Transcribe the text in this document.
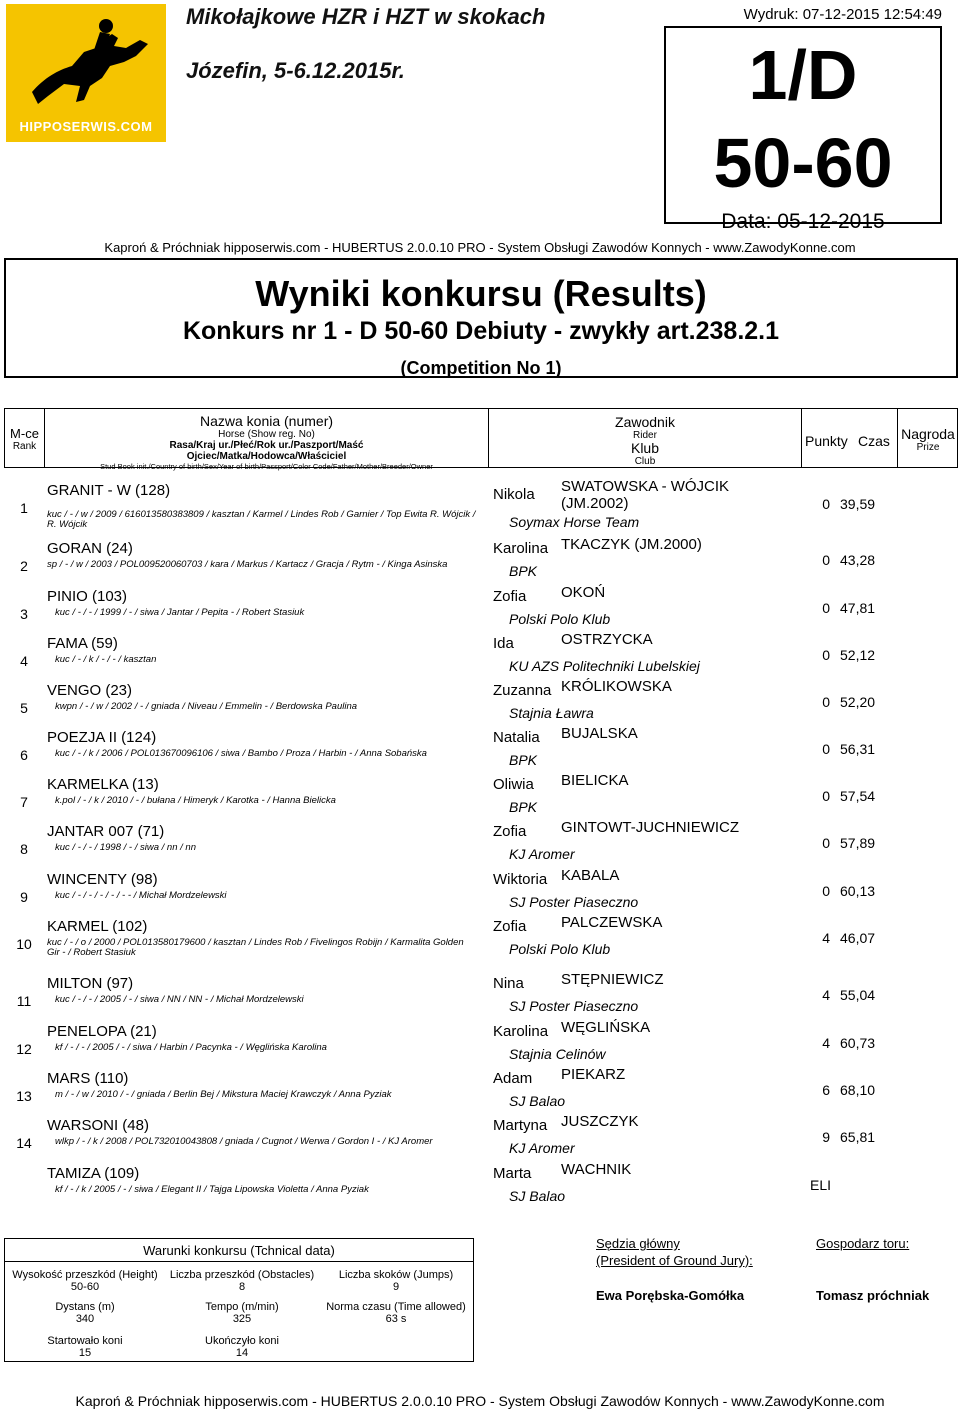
HIPPOSERWIS.COM
Mikołajkowe HZR i HZT w skokach
Józefin, 5-6.12.2015r.
Wydruk: 07-12-2015 12:54:49
1/D
50-60
Data: 05-12-2015
Kaproń & Próchniak hipposerwis.com - HUBERTUS 2.0.0.10 PRO - System Obsługi Zawodów Konnych - www.ZawodyKonne.com
Wyniki konkursu (Results)
Konkurs nr 1 - D 50-60 Debiuty - zwykły art.238.2.1
(Competition No 1)
M-ce
Rank
Nazwa konia (numer)
Horse (Show reg. No)
Rasa/Kraj ur./Płeć/Rok ur./Paszport/Maść
Ojciec/Matka/Hodowca/Właściciel
Stud Book init./Country of birth/Sex/Year of birth/Passport/Color Code/Father/Mother/Breeder/Owner
Zawodnik
Rider
Klub
Club
Punkty Czas Nagroda
Prize
1
GRANIT - W (128)
kuc / - / w / 2009 / 616013580383809 / kasztan / Karmel / Lindes Rob / Garnier / Top Ewita R. Wójcik / R. Wójcik
Nikola SWATOWSKA - WÓJCIK (JM.2002)
Soymax Horse Team
0 39,59
2
GORAN (24)
sp / - / w / 2003 / POL009520060703 / kara / Markus / Kartacz / Gracja / Rytm - / Kinga Asinska
Karolina TKACZYK (JM.2000)
BPK
0 43,28
3
PINIO (103)
kuc / - / - / 1999 / - / siwa / Jantar / Pepita - / Robert Stasiuk
Zofia OKOŃ
Polski Polo Klub
0 47,81
4
FAMA (59)
kuc / - / k / - / - / kasztan
Ida	OSTRZYCKA
KU AZS Politechniki Lubelskiej
0 52,12
5
VENGO (23)
kwpn / - / w / 2002 / - / gniada / Niveau / Emmelin - / Berdowska Paulina
Zuzanna KRÓLIKOWSKA
Stajnia Ławra
0 52,20
6
POEZJA II (124)
kuc / - / k / 2006 / POL013670096106 / siwa / Bambo / Proza / Harbin - / Anna Sobańska
Natalia BUJALSKA
BPK
0 56,31
7
KARMELKA (13)
k.pol / - / k / 2010 / - / bułana / Himeryk / Karotka - / Hanna Bielicka
Oliwia BIELICKA
BPK
0 57,54
8
JANTAR 007 (71)
kuc / - / - / 1998 / - / siwa / nn / nn
Zofia GINTOWT-JUCHNIEWICZ
KJ Aromer
0 57,89
9
WINCENTY (98)
kuc / - / - / - / - / - - / Michał Mordzelewski
Wiktoria KABALA
SJ Poster Piaseczno
0 60,13
10
KARMEL (102)
kuc / - / o / 2000 / POL013580179600 / kasztan / Lindes Rob / Fivelingos Robijn / Karmalita Golden Gir - / Robert Stasiuk
Zofia PALCZEWSKA
Polski Polo Klub
4 46,07
11
MILTON (97)
kuc / - / - / 2005 / - / siwa / NN / NN - / Michał Mordzelewski
Nina STĘPNIEWICZ
SJ Poster Piaseczno
4 55,04
12
PENELOPA (21)
kf / - / - / 2005 / - / siwa / Harbin / Pacynka - / Węglińska Karolina
Karolina WĘGLIŃSKA
Stajnia Celinów
4 60,73
13
MARS (110)
m / - / w / 2010 / - / gniada / Berlin Bej / Mikstura Maciej Krawczyk / Anna Pyziak
Adam PIEKARZ
SJ Balao
6 68,10
14
WARSONI (48)
wlkp / - / k / 2008 / POL732010043808 / gniada / Cugnot / Werwa / Gordon I - / KJ Aromer
Martyna JUSZCZYK
KJ Aromer
9 65,81
TAMIZA (109)
kf / - / k / 2005 / - / siwa / Elegant II / Tajga Lipowska Violetta / Anna Pyziak
Marta WACHNIK
SJ Balao
ELI
Warunki konkursu (Tchnical data)
Wysokość przeszkód (Height)
50-60
Liczba przeszkód (Obstacles)
8
Liczba skoków (Jumps)
9
Dystans (m)
340
Tempo (m/min)
325
Norma czasu (Time allowed)
63 s
Startowało koni
15
Ukończyło koni
14
Sędzia główny
(President of Ground Jury):
Ewa Porębska-Gomółka
Gospodarz toru:
Tomasz próchniak
Kaproń & Próchniak hipposerwis.com - HUBERTUS 2.0.0.10 PRO - System Obsługi Zawodów Konnych - www.ZawodyKonne.com
